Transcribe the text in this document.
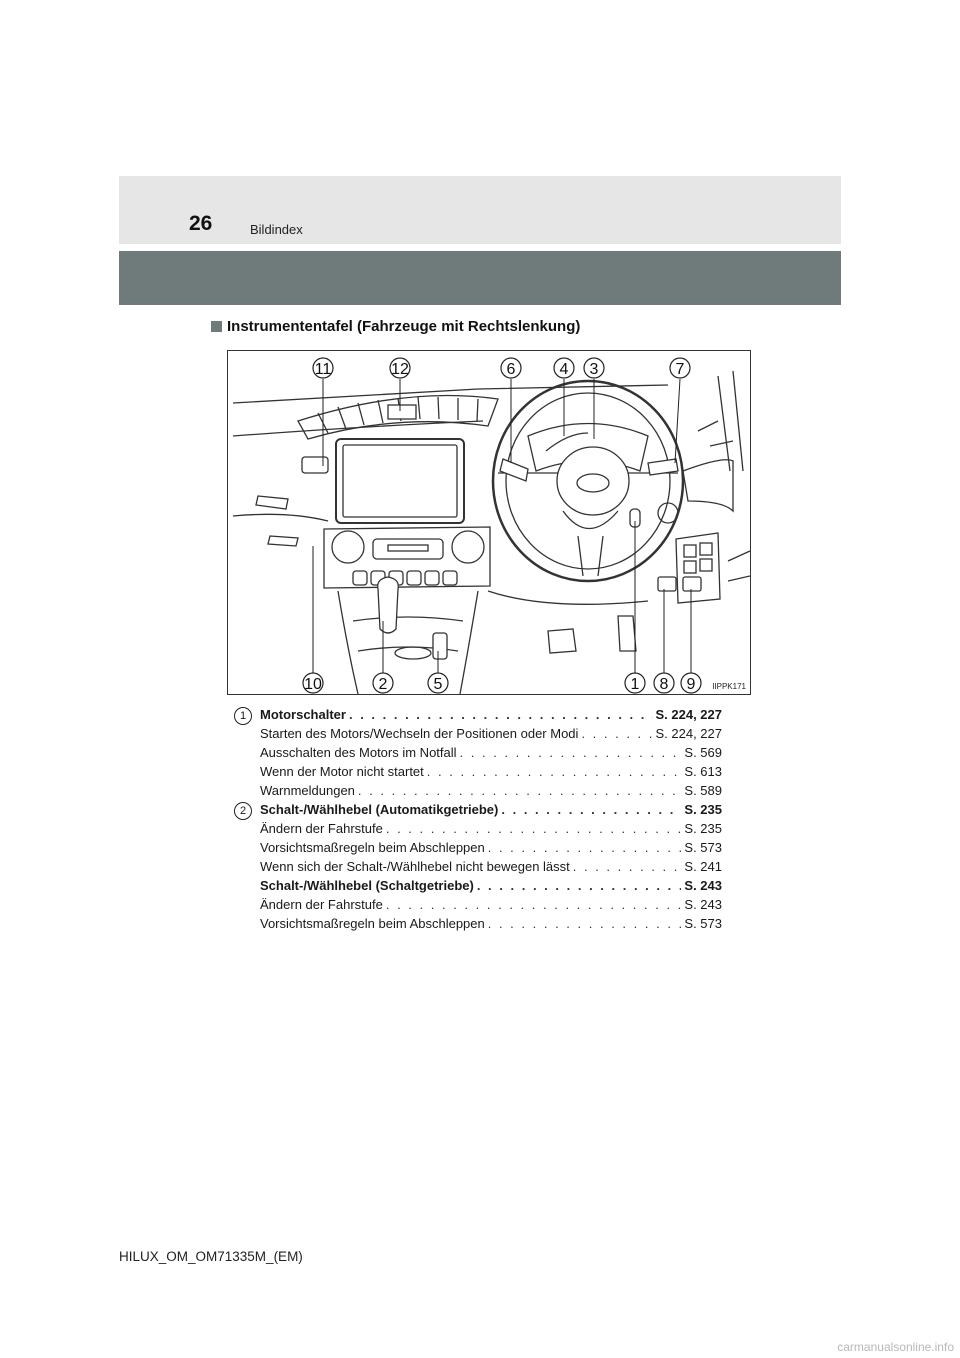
26	Bildindex
Instrumententafel (Fahrzeuge mit Rechtslenkung)
11	12	6	4 3	7
10	2	5	1 8 9 IIPPK171
1	Motorschalter . . .	S. 224, 227
Starten des Motors/Wechseln der Positionen oder Modi . . .	S. 224, 227
Ausschalten des Motors im Notfall . . .	S. 569
Wenn der Motor nicht startet . . .	S. 613
Warnmeldungen . . .	S. 589
2	Schalt-/Wählhebel (Automatikgetriebe) . . .	S. 235
Ändern der Fahrstufe . . .	S. 235
Vorsichtsmaßregeln beim Abschleppen . . .	S. 573
Wenn sich der Schalt-/Wählhebel nicht bewegen lässt . . .	S. 241
Schalt-/Wählhebel (Schaltgetriebe) . . .	S. 243
Ändern der Fahrstufe . . .	S. 243
Vorsichtsmaßregeln beim Abschleppen . . .	S. 573
HILUX_OM_OM71335M_(EM)
carmanualsonline.info
